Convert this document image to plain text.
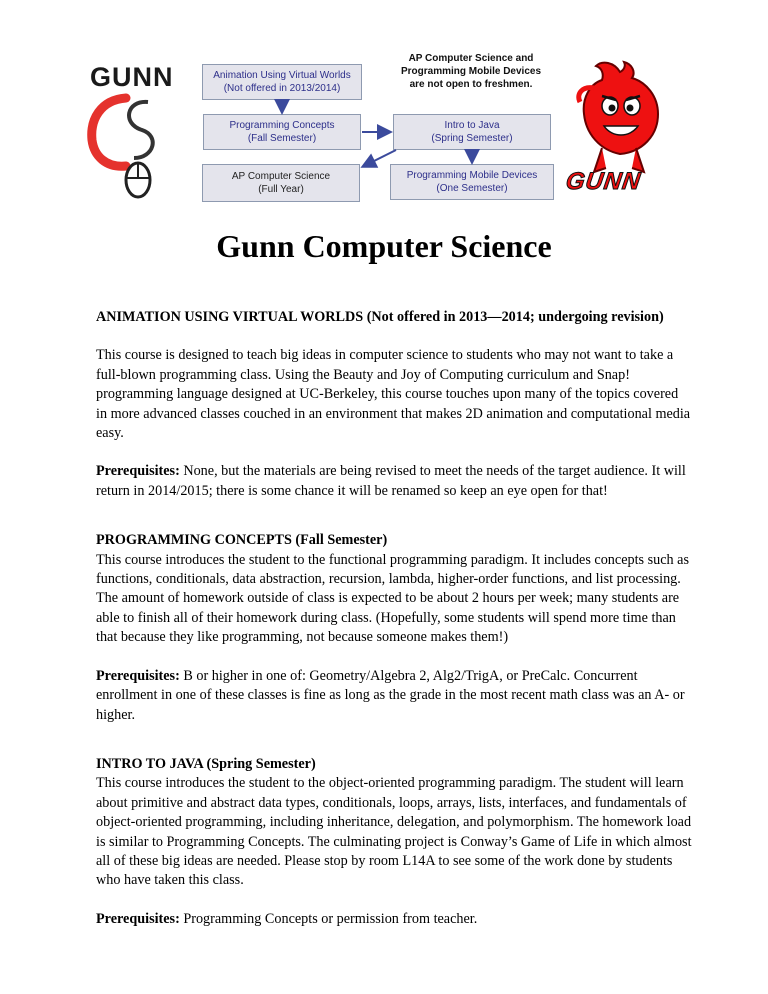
GUNN	Animation Using Virtual Worlds
(Not offered in 2013/2014)
AP Computer Science and
Programming Mobile Devices
are not open to freshmen.
Programming Concepts
(Fall Semester)
Intro to Java
(Spring Semester)
AP Computer Science
(Full Year)
Programming Mobile Devices
(One Semester)	GUNN
Gunn Computer Science

ANIMATION USING VIRTUAL WORLDS (Not offered in 2013—2014; undergoing revision)

This course is designed to teach big ideas in computer science to students who may not want to take a full-blown programming class. Using the Beauty and Joy of Computing curriculum and Snap! programming language designed at UC-Berkeley, this course touches upon many of the topics covered in more advanced classes couched in an environment that makes 2D animation and computational media easy.

Prerequisites: None, but the materials are being revised to meet the needs of the target audience. It will return in 2014/2015; there is some chance it will be renamed so keep an eye open for that!

PROGRAMMING CONCEPTS (Fall Semester)

This course introduces the student to the functional programming paradigm. It includes concepts such as functions, conditionals, data abstraction, recursion, lambda, higher-order functions, and list processing. The amount of homework outside of class is expected to be about 2 hours per week; many students are able to finish all of their homework during class. (Hopefully, some students will spend more time than that because they like programming, not because someone makes them!)

Prerequisites: B or higher in one of: Geometry/Algebra 2, Alg2/TrigA, or PreCalc. Concurrent enrollment in one of these classes is fine as long as the grade in the most recent math class was an A- or higher.

INTRO TO JAVA (Spring Semester)

This course introduces the student to the object-oriented programming paradigm. The student will learn about primitive and abstract data types, conditionals, loops, arrays, lists, interfaces, and fundamentals of object-oriented programming, including inheritance, delegation, and polymorphism. The homework load is similar to Programming Concepts. The culminating project is Conway’s Game of Life in which almost all of these big ideas are needed. Please stop by room L14A to see some of the work done by students who have taken this class.

Prerequisites: Programming Concepts or permission from teacher.
